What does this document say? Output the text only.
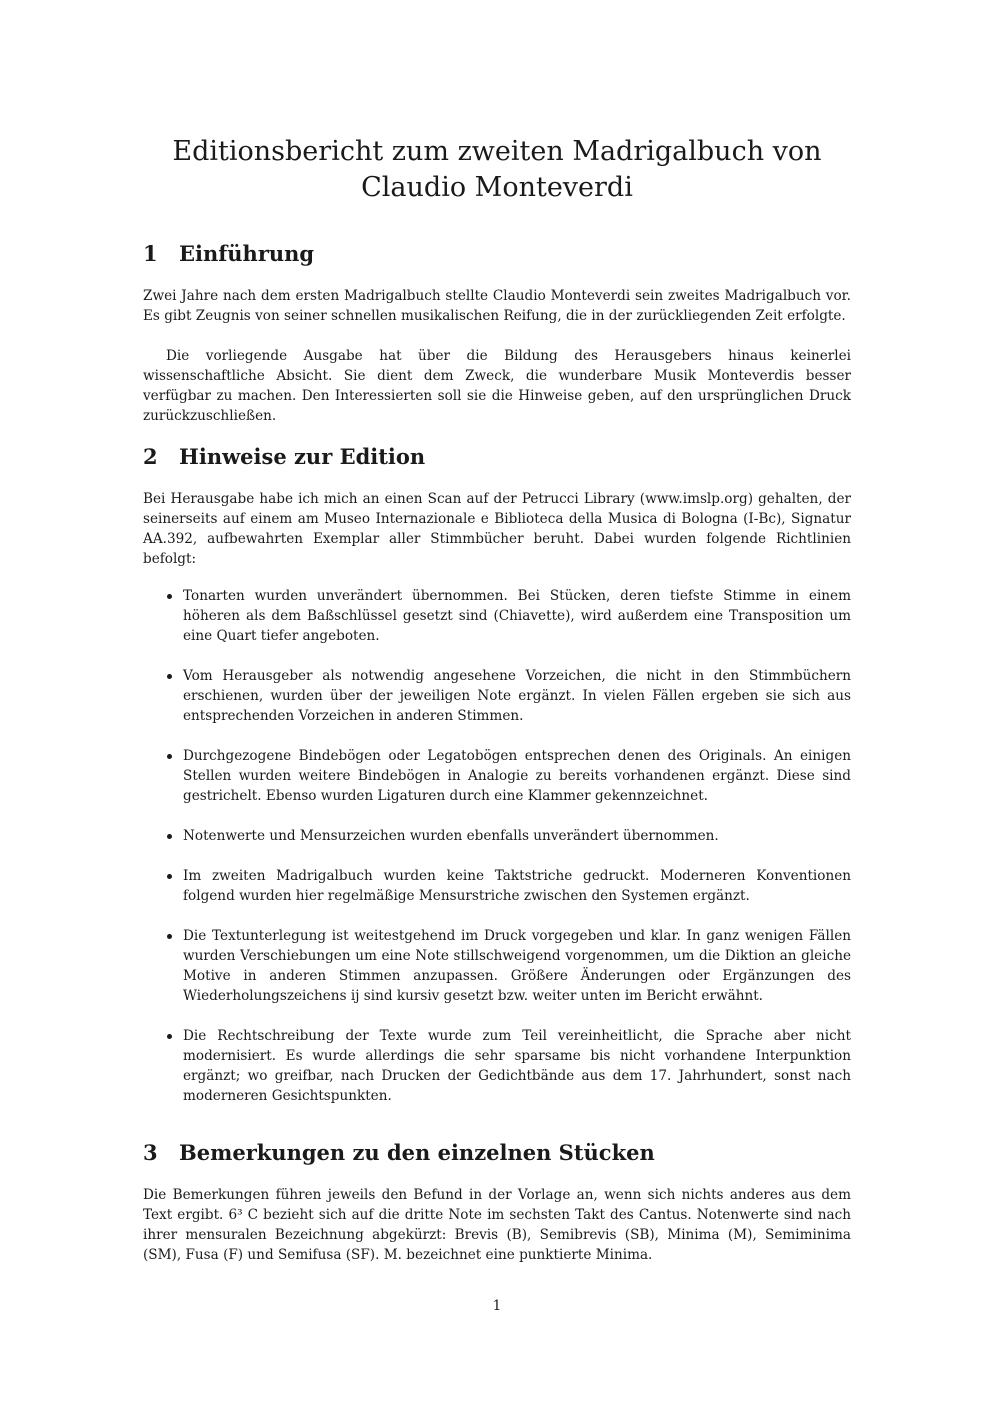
Editionsbericht zum zweiten Madrigalbuch von
Claudio Monteverdi
1 Einführung

Zwei Jahre nach dem ersten Madrigalbuch stellte Claudio Monteverdi sein zweites Madrigalbuch vor. Es gibt Zeugnis von seiner schnellen musikalischen Reifung, die in der zurückliegenden Zeit erfolgte.

Die vorliegende Ausgabe hat über die Bildung des Herausgebers hinaus keinerlei wissenschaftliche Absicht. Sie dient dem Zweck, die wunderbare Musik Monteverdis besser verfügbar zu machen. Den Interessierten soll sie die Hinweise geben, auf den ursprünglichen Druck zurückzuschließen.

2 Hinweise zur Edition

Bei Herausgabe habe ich mich an einen Scan auf der Petrucci Library (www.imslp.org) gehalten, der seinerseits auf einem am Museo Internazionale e Biblioteca della Musica di Bologna (I-Bc), Signatur AA.392, aufbewahrten Exemplar aller Stimmbücher beruht. Dabei wurden folgende Richtlinien befolgt:

Tonarten wurden unverändert übernommen. Bei Stücken, deren tiefste Stimme in einem höheren als dem Baßschlüssel gesetzt sind (Chiavette), wird außerdem eine Transposition um eine Quart tiefer angeboten.
Vom Herausgeber als notwendig angesehene Vorzeichen, die nicht in den Stimmbüchern erschienen, wurden über der jeweiligen Note ergänzt. In vielen Fällen ergeben sie sich aus entsprechenden Vorzeichen in anderen Stimmen.
Durchgezogene Bindebögen oder Legatobögen entsprechen denen des Originals. An einigen Stellen wurden weitere Bindebögen in Analogie zu bereits vorhandenen ergänzt. Diese sind gestrichelt. Ebenso wurden Ligaturen durch eine Klammer gekennzeichnet.
Notenwerte und Mensurzeichen wurden ebenfalls unverändert übernommen.
Im zweiten Madrigalbuch wurden keine Taktstriche gedruckt. Moderneren Konventionen folgend wurden hier regelmäßige Mensurstriche zwischen den Systemen ergänzt.
Die Textunterlegung ist weitestgehend im Druck vorgegeben und klar. In ganz wenigen Fällen wurden Verschiebungen um eine Note stillschweigend vorgenommen, um die Diktion an gleiche Motive in anderen Stimmen anzupassen. Größere Änderungen oder Ergänzungen des Wiederholungszeichens ij sind kursiv gesetzt bzw. weiter unten im Bericht erwähnt.
Die Rechtschreibung der Texte wurde zum Teil vereinheitlicht, die Sprache aber nicht modernisiert. Es wurde allerdings die sehr sparsame bis nicht vorhandene Interpunktion ergänzt; wo greifbar, nach Drucken der Gedichtbände aus dem 17. Jahrhundert, sonst nach moderneren Gesichtspunkten.
3 Bemerkungen zu den einzelnen Stücken

Die Bemerkungen führen jeweils den Befund in der Vorlage an, wenn sich nichts anderes aus dem Text ergibt. 6³ C bezieht sich auf die dritte Note im sechsten Takt des Cantus. Notenwerte sind nach ihrer mensuralen Bezeichnung abgekürzt: Brevis (B), Semibrevis (SB), Minima (M), Semiminima (SM), Fusa (F) und Semifusa (SF). M. bezeichnet eine punktierte Minima.

1
